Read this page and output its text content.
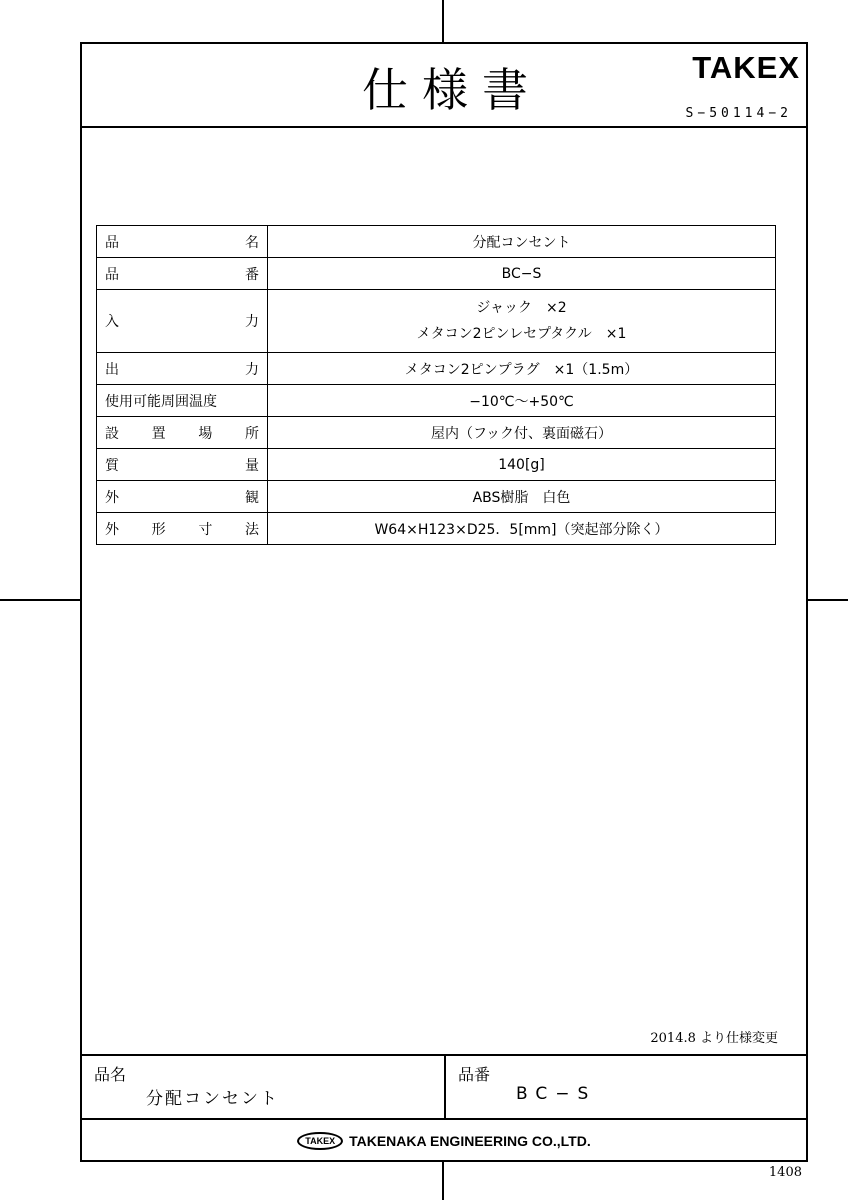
仕様書	TAKEX
S−50114−2
品 名	分配コンセント

品 番	BC−S

入 力	ジャック　×2
メタコン2ピンレセプタクル　×1

出 力	メタコン2ピンプラグ　×1（1.5m）
使用可能周囲温度	−10℃〜+50℃

設 置 場 所	屋内（フック付、裏面磁石）

質 量	140[g]

外 観	ABS樹脂　白色

外 形 寸 法	W64×H123×D25．5[mm]（突起部分除く）
2014.8 より仕様変更
品名
分配コンセント
品番
BC−S
TAKEX	TAKENAKA ENGINEERING CO.,LTD.
1408
